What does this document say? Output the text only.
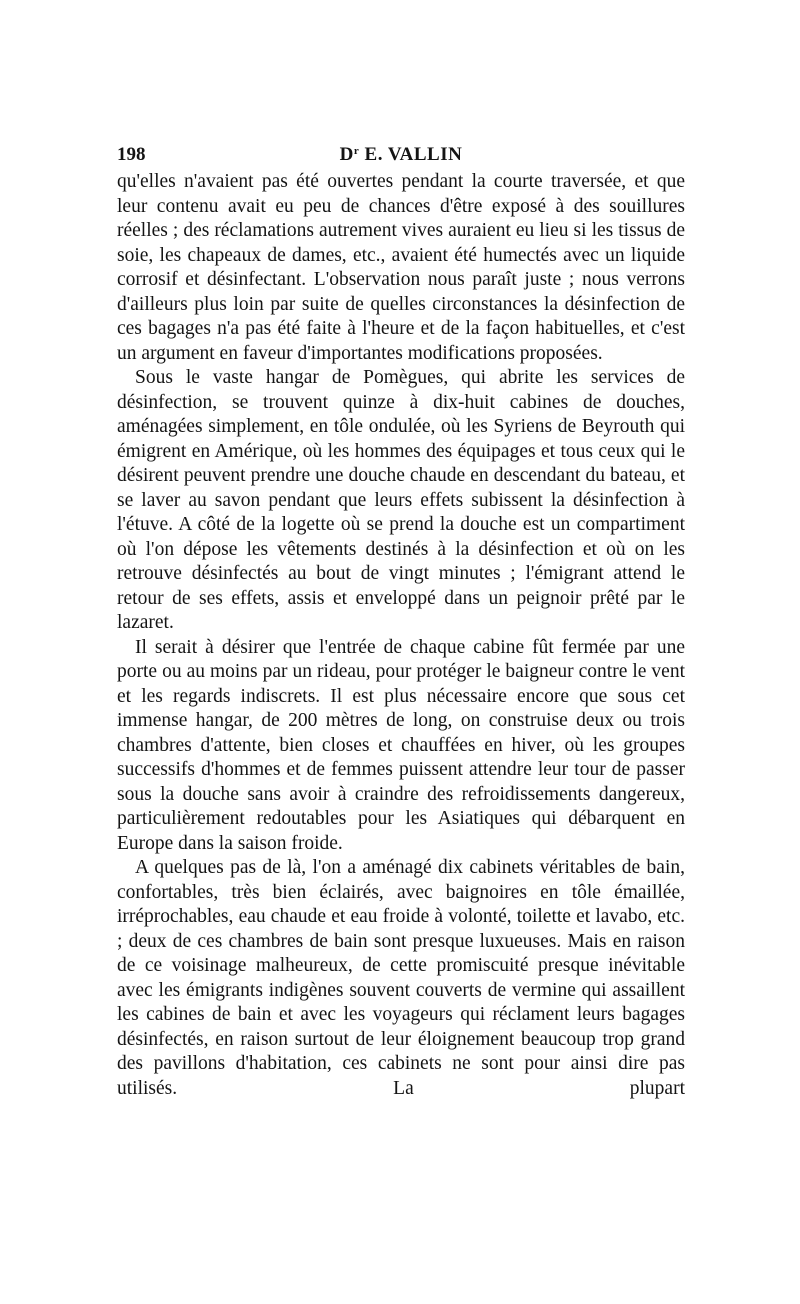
198	$D^r$ E. VALLIN

qu'elles n'avaient pas été ouvertes pendant la courte traversée, et que leur contenu avait eu peu de chances d'être exposé à des souillures réelles ; des réclamations autrement vives auraient eu lieu si les tissus de soie, les chapeaux de dames, etc., avaient été humectés avec un liquide corrosif et désinfectant. L'observation nous paraît juste ; nous verrons d'ailleurs plus loin par suite de quelles circonstances la désinfection de ces bagages n'a pas été faite à l'heure et de la façon habituelles, et c'est un argument en faveur d'importantes modifications proposées.

Sous le vaste hangar de Pomègues, qui abrite les services de désinfection, se trouvent quinze à dix-huit cabines de douches, aménagées simplement, en tôle ondulée, où les Syriens de Beyrouth qui émigrent en Amérique, où les hommes des équipages et tous ceux qui le désirent peuvent prendre une douche chaude en descendant du bateau, et se laver au savon pendant que leurs effets subissent la désinfection à l'étuve. A côté de la logette où se prend la douche est un compartiment où l'on dépose les vêtements destinés à la désinfection et où on les retrouve désinfectés au bout de vingt minutes ; l'émigrant attend le retour de ses effets, assis et enveloppé dans un peignoir prêté par le lazaret.

Il serait à désirer que l'entrée de chaque cabine fût fermée par une porte ou au moins par un rideau, pour protéger le baigneur contre le vent et les regards indiscrets. Il est plus nécessaire encore que sous cet immense hangar, de 200 mètres de long, on construise deux ou trois chambres d'attente, bien closes et chauffées en hiver, où les groupes successifs d'hommes et de femmes puissent attendre leur tour de passer sous la douche sans avoir à craindre des refroidissements dangereux, particulièrement redoutables pour les Asiatiques qui débarquent en Europe dans la saison froide.

A quelques pas de là, l'on a aménagé dix cabinets véritables de bain, confortables, très bien éclairés, avec baignoires en tôle émaillée, irréprochables, eau chaude et eau froide à volonté, toilette et lavabo, etc. ; deux de ces chambres de bain sont presque luxueuses. Mais en raison de ce voisinage malheureux, de cette promiscuité presque inévitable avec les émigrants indigènes souvent couverts de vermine qui assaillent les cabines de bain et avec les voyageurs qui réclament leurs bagages désinfectés, en raison surtout de leur éloignement beaucoup trop grand des pavillons d'habitation, ces cabinets ne sont pour ainsi dire pas utilisés. La plupart
